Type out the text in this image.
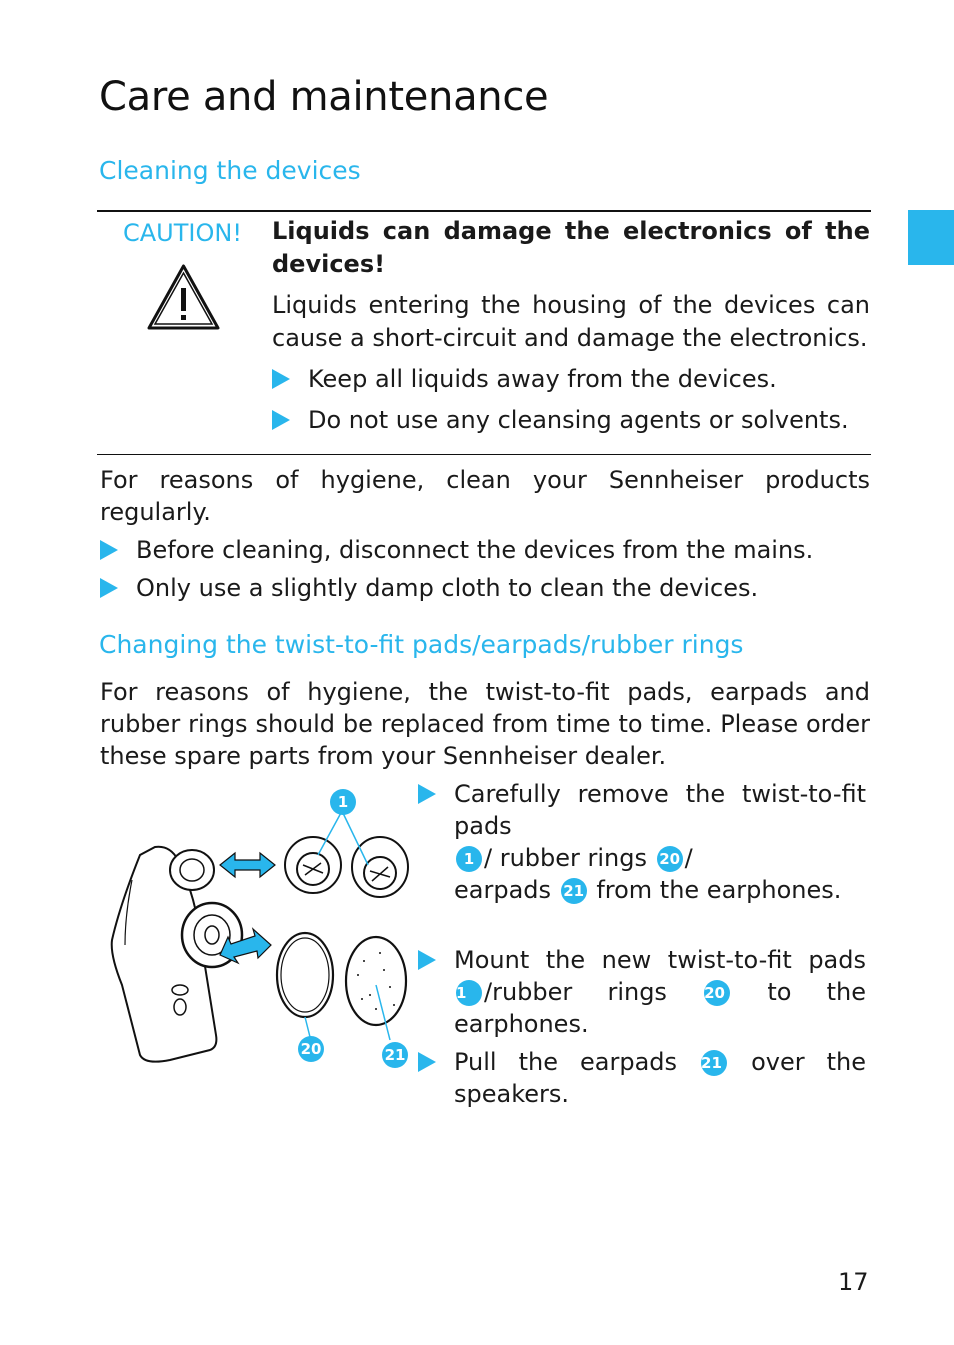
Care and maintenance
Cleaning the devices
CAUTION! Liquids can damage the electronics of the devices!
Liquids entering the housing of the devices can cause a short-circuit and damage the electronics.
Keep all liquids away from the devices.
Do not use any cleansing agents or solvents.
For reasons of hygiene, clean your Sennheiser products regularly.
Before cleaning, disconnect the devices from the mains.
Only use a slightly damp cloth to clean the devices.
Changing the twist-to-fit pads/earpads/rubber rings
For reasons of hygiene, the twist-to-fit pads, earpads and rubber rings should be replaced from time to time. Please order these spare parts from your Sennheiser dealer.
1
20	21
Carefully remove the twist-to-fit pads
1 / rubber rings 20 /
earpads 21 from the earphones.
Mount the new twist-to-fit pads 1 /rubber rings 20 to the earphones.
Pull the earpads 21 over the speakers.
17
